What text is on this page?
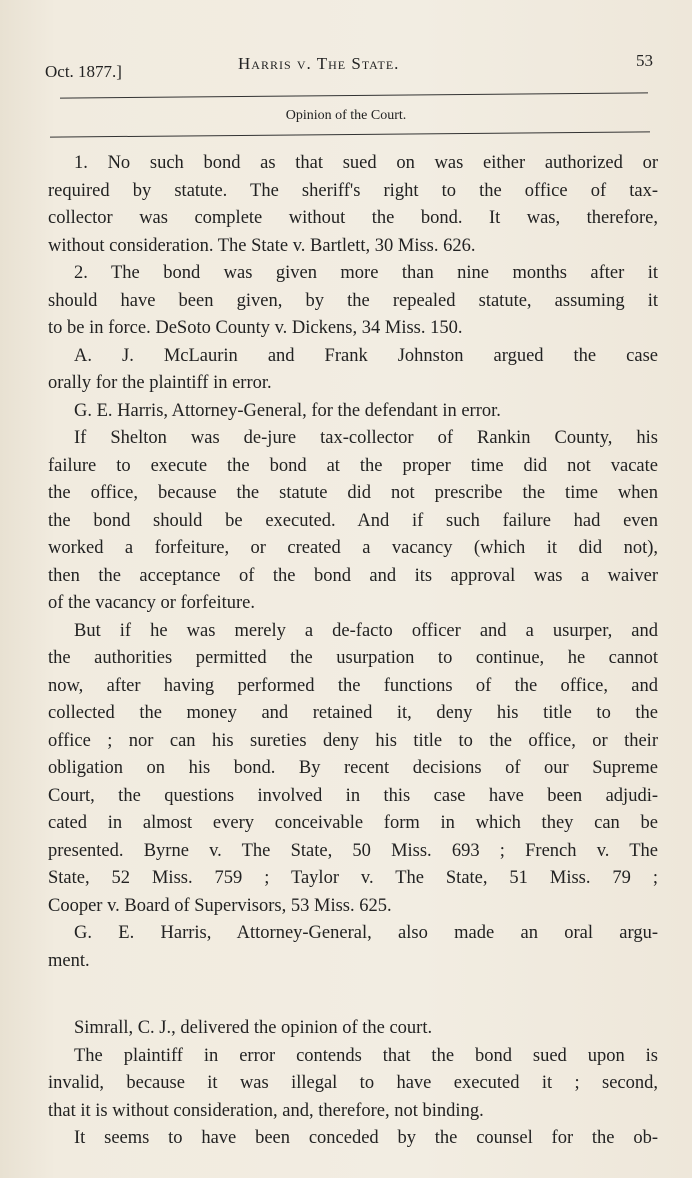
Oct. 1877.]	Harris v. The State.	53
Opinion of the Court.
1. No such bond as that sued on was either authorized or
required by statute. The sheriff's right to the office of tax-
collector was complete without the bond. It was, therefore,
without consideration. The State v. Bartlett, 30 Miss. 626.
2. The bond was given more than nine months after it
should have been given, by the repealed statute, assuming it
to be in force. DeSoto County v. Dickens, 34 Miss. 150.
A. J. McLaurin and Frank Johnston argued the case
orally for the plaintiff in error.
G. E. Harris, Attorney-General, for the defendant in error.
If Shelton was de-jure tax-collector of Rankin County, his
failure to execute the bond at the proper time did not vacate
the office, because the statute did not prescribe the time when
the bond should be executed. And if such failure had even
worked a forfeiture, or created a vacancy (which it did not),
then the acceptance of the bond and its approval was a waiver
of the vacancy or forfeiture.
But if he was merely a de-facto officer and a usurper, and
the authorities permitted the usurpation to continue, he cannot
now, after having performed the functions of the office, and
collected the money and retained it, deny his title to the
office ; nor can his sureties deny his title to the office, or their
obligation on his bond. By recent decisions of our Supreme
Court, the questions involved in this case have been adjudi-
cated in almost every conceivable form in which they can be
presented. Byrne v. The State, 50 Miss. 693 ; French v. The
State, 52 Miss. 759 ; Taylor v. The State, 51 Miss. 79 ;
Cooper v. Board of Supervisors, 53 Miss. 625.
G. E. Harris, Attorney-General, also made an oral argu-
ment.
Simrall, C. J., delivered the opinion of the court.
The plaintiff in error contends that the bond sued upon is
invalid, because it was illegal to have executed it ; second,
that it is without consideration, and, therefore, not binding.
It seems to have been conceded by the counsel for the ob-
